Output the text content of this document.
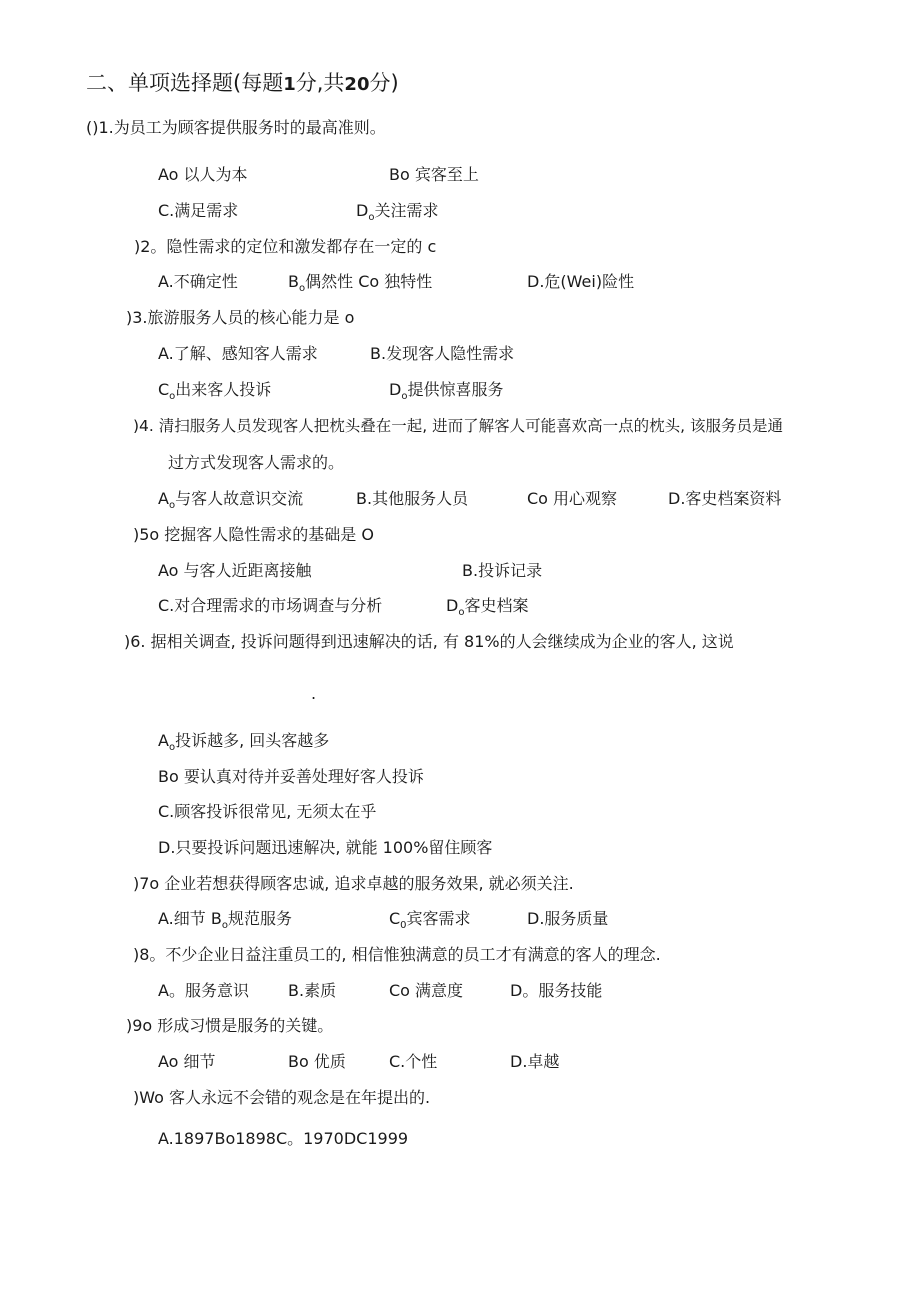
二、单项选择题(每题1分,共20分)
()1.为员工为顾客提供服务时的最高准则。
Ao 以人为本	Bo 宾客至上
C.满足需求	$D_o$关注需求
)2。隐性需求的定位和激发都存在一定的 c
A.不确定性	$B_o$偶然性 Co 独特性	D.危(Wei)险性
)3.旅游服务人员的核心能力是 o
A.了解、感知客人需求	B.发现客人隐性需求
$C_o$出来客人投诉	$D_o$提供惊喜服务
)4. 清扫服务人员发现客人把枕头叠在一起, 进而了解客人可能喜欢高一点的枕头, 该服务员是通
过方式发现客人需求的。
$A_o$与客人故意识交流	B.其他服务人员	Co 用心观察	D.客史档案资料
)5o 挖掘客人隐性需求的基础是 O
Ao 与客人近距离接触	B.投诉记录
C.对合理需求的市场调查与分析	$D_o$客史档案
)6. 据相关调查, 投诉问题得到迅速解决的话, 有 81%的人会继续成为企业的客人, 这说
.
$A_o$投诉越多, 回头客越多
Bo 要认真对待并妥善处理好客人投诉
C.顾客投诉很常见, 无须太在乎
D.只要投诉问题迅速解决, 就能 100%留住顾客
)7o 企业若想获得顾客忠诚, 追求卓越的服务效果, 就必须关注.
A.细节 $B_o$规范服务	$C_0$宾客需求	D.服务质量
)8。不少企业日益注重员工的, 相信惟独满意的员工才有满意的客人的理念.
A。服务意识 B.素质	Co 满意度	D。服务技能
)9o 形成习惯是服务的关键。
Ao 细节	Bo 优质	C.个性	D.卓越
)Wo 客人永远不会错的观念是在年提出的.
A.1897Bo1898C。1970DC1999
